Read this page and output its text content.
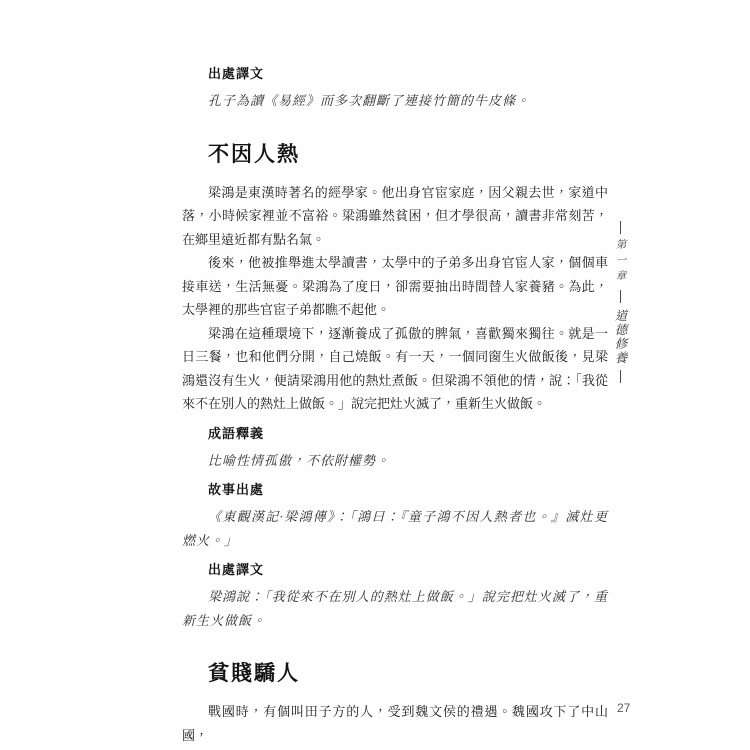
出處譯文

孔子為讀《易經》而多次翻斷了連接竹簡的牛皮條。

不因人熱

梁鴻是東漢時著名的經學家。他出身官宦家庭，因父親去世，家道中落，小時候家裡並不富裕。梁鴻雖然貧困，但才學很高，讀書非常刻苦，在鄉里遠近都有點名氣。

後來，他被推舉進太學讀書，太學中的子弟多出身官宦人家，個個車接車送，生活無憂。梁鴻為了度日，卻需要抽出時間替人家養豬。為此，太學裡的那些官宦子弟都瞧不起他。

梁鴻在這種環境下，逐漸養成了孤傲的脾氣，喜歡獨來獨往。就是一日三餐，也和他們分開，自己燒飯。有一天，一個同窗生火做飯後，見梁鴻還沒有生火，便請梁鴻用他的熱灶煮飯。但梁鴻不領他的情，說：「我從來不在別人的熱灶上做飯。」說完把灶火滅了，重新生火做飯。

成語釋義

比喻性情孤傲，不依附權勢。

故事出處

《東觀漢記·梁鴻傳》：「鴻曰：『童子鴻不因人熱者也。』滅灶更燃火。」

出處譯文

梁鴻說：「我從來不在別人的熱灶上做飯。」說完把灶火滅了，重新生火做飯。

貧賤驕人

戰國時，有個叫田子方的人，受到魏文侯的禮遇。魏國攻下了中山國，

第一章
道德修養
27
